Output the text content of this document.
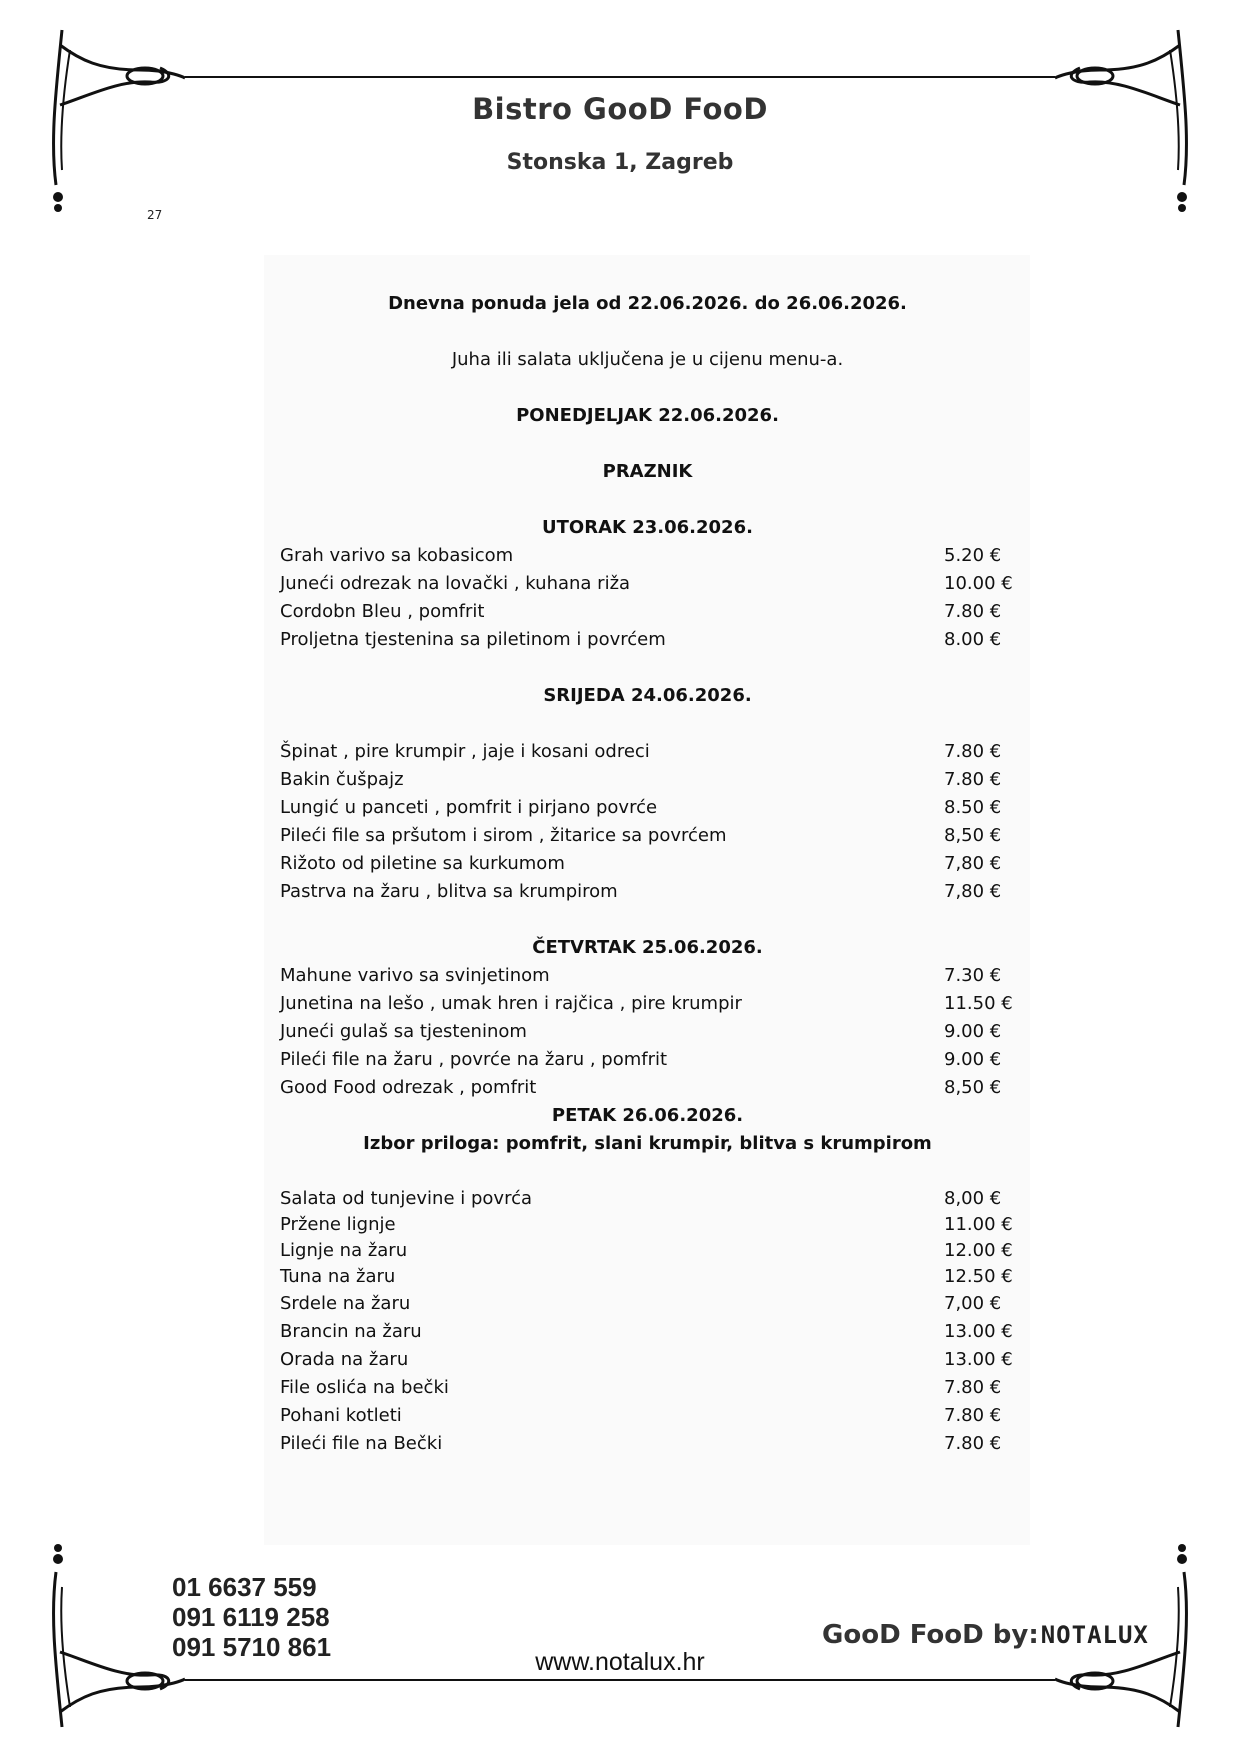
Bistro GooD FooD
Stonska 1, Zagreb
27
Dnevna ponuda jela od 22.06.2026. do 26.06.2026.
Juha ili salata uključena je u cijenu menu-a.
PONEDJELJAK 22.06.2026.
PRAZNIK
UTORAK 23.06.2026.
Grah varivo sa kobasicom	5.20 €
Juneći odrezak na lovački , kuhana riža	10.00 €
Cordobn Bleu , pomfrit	7.80 €
Proljetna tjestenina sa piletinom i povrćem	8.00 €
SRIJEDA 24.06.2026.
Špinat , pire krumpir , jaje i kosani odreci	7.80 €
Bakin čušpajz	7.80 €
Lungić u panceti , pomfrit i pirjano povrće	8.50 €
Pileći file sa pršutom i sirom , žitarice sa povrćem	8,50 €
Rižoto od piletine sa kurkumom	7,80 €
Pastrva na žaru , blitva sa krumpirom	7,80 €
ČETVRTAK 25.06.2026.
Mahune varivo sa svinjetinom	7.30 €
Junetina na lešo , umak hren i rajčica , pire krumpir	11.50 €
Juneći gulaš sa tjesteninom	9.00 €
Pileći file na žaru , povrće na žaru , pomfrit	9.00 €
Good Food odrezak , pomfrit	8,50 €
PETAK 26.06.2026.
Izbor priloga: pomfrit, slani krumpir, blitva s krumpirom
Salata od tunjevine i povrća	8,00 €
Pržene lignje	11.00 €
Lignje na žaru	12.00 €
Tuna na žaru	12.50 €
Srdele na žaru	7,00 €
Brancin na žaru	13.00 €
Orada na žaru	13.00 €
File oslića na bečki	7.80 €
Pohani kotleti	7.80 €
Pileći file na Bečki	7.80 €
01 6637 559
091 6119 258
091 5710 861	www.notalux.hr
GooD FooD by: NOTALUX
